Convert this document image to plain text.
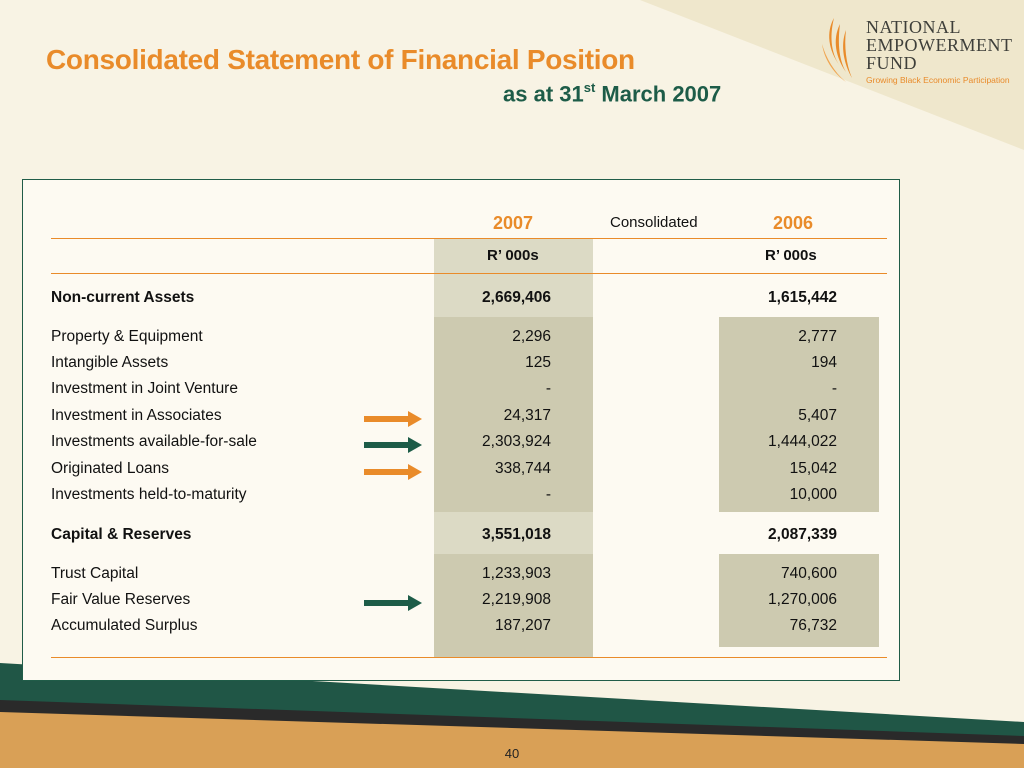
Consolidated Statement of Financial Position
as at 31st March 2007
NATIONAL
EMPOWERMENT
FUND
Growing Black Economic Participation
2007	Consolidated	2006
R’ 000s	R’ 000s
Non-current Assets	2,669,406	1,615,442
Property & Equipment	2,296	2,777
Intangible Assets	125	194
Investment in Joint Venture	-	-
Investment in Associates	24,317	5,407
Investments available-for-sale	2,303,924	1,444,022
Originated Loans	338,744	15,042
Investments held-to-maturity	-	10,000
Capital & Reserves	3,551,018	2,087,339
Trust Capital	1,233,903	740,600
Fair Value Reserves	2,219,908	1,270,006
Accumulated Surplus	187,207	76,732
40
